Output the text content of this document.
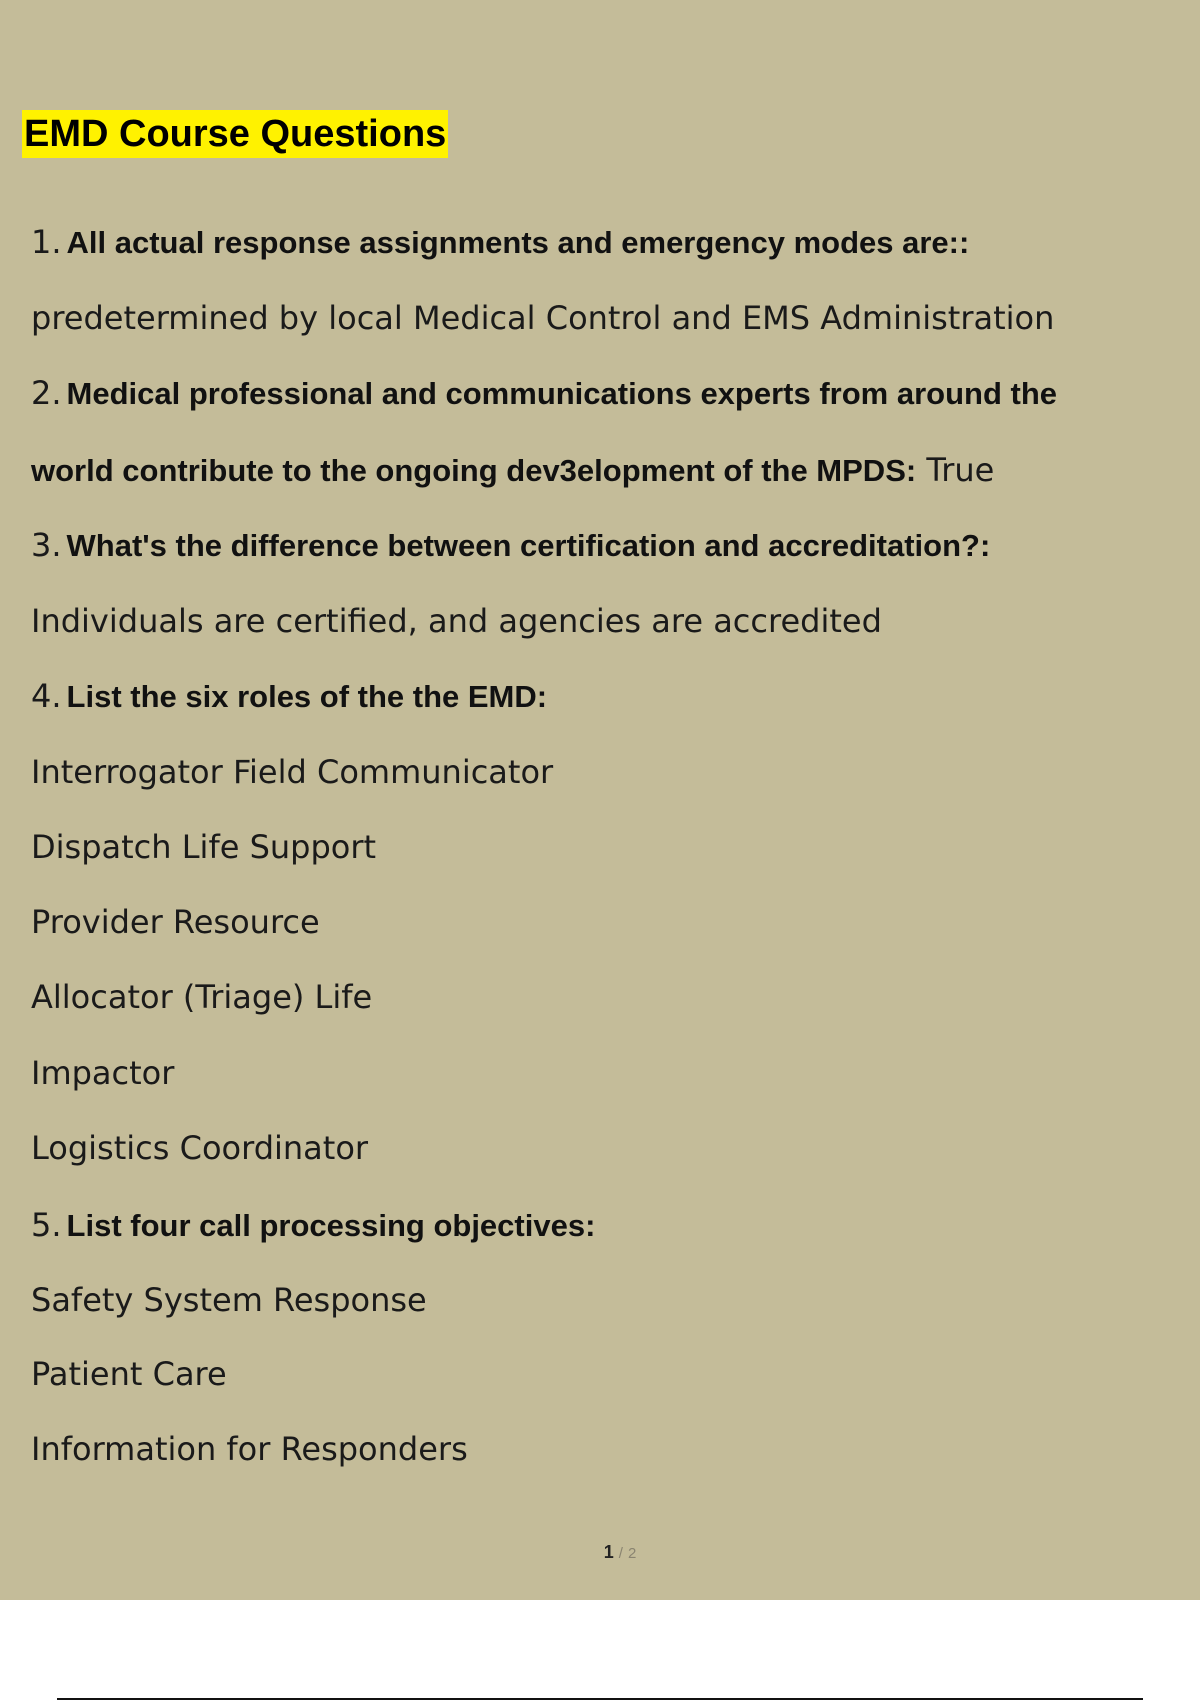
EMD Course Questions
1. All actual response assignments and emergency modes are::
predetermined by local Medical Control and EMS Administration
2. Medical professional and communications experts from around the
world contribute to the ongoing dev3elopment of the MPDS: True
3. What's the difference between certification and accreditation?:
Individuals are certified, and agencies are accredited
4. List the six roles of the the EMD:
Interrogator Field Communicator
Dispatch Life Support
Provider Resource
Allocator (Triage) Life
Impactor
Logistics Coordinator
5. List four call processing objectives:
Safety System Response
Patient Care
Information for Responders
1 / 2
